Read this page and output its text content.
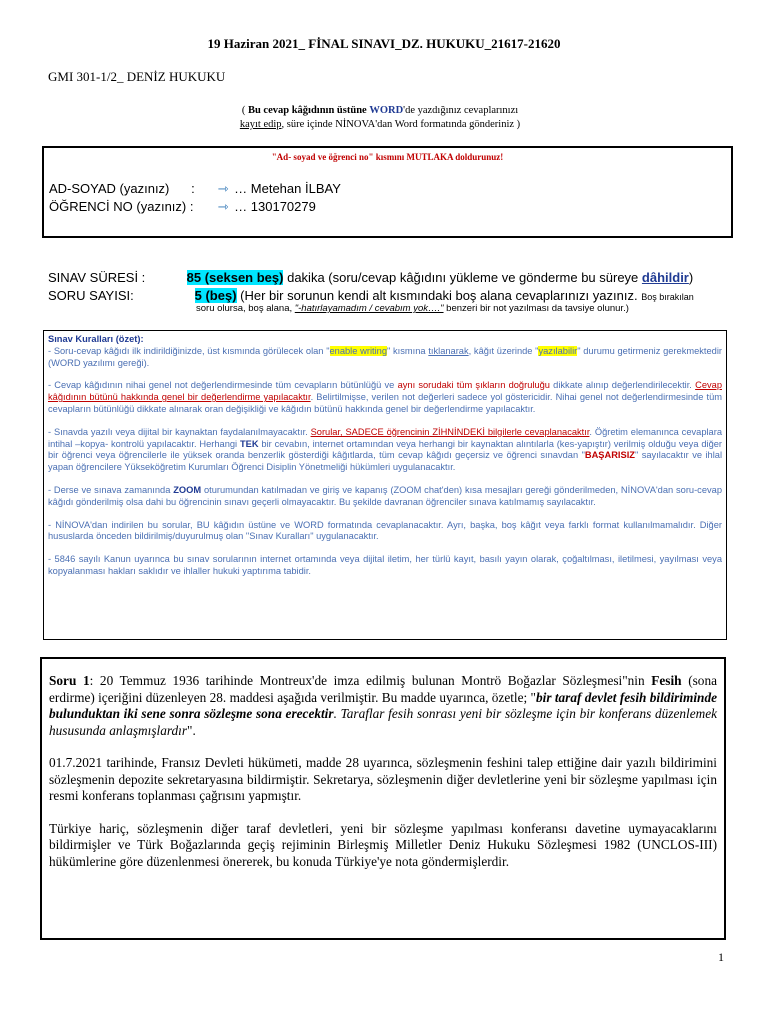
19 Haziran 2021_ FİNAL SINAVI_DZ. HUKUKU_21617-21620
GMI 301-1/2_ DENİZ HUKUKU
( Bu cevap kâğıdının üstüne WORD'de yazdığınız cevaplarınızı
kayıt edip, süre içinde NİNOVA'dan Word formatında gönderiniz )
"Ad- soyad ve öğrenci no" kısmını MUTLAKA doldurunuz!
AD-SOYAD (yazınız) : ⇾ … Metehan İLBAY
ÖĞRENCİ NO (yazınız) : ⇾ … 130170279
SINAV SÜRESİ :	85 (seksen beş) dakika (soru/cevap kâğıdını yükleme ve gönderme bu süreye dâhildir)
SORU SAYISI:	5 (beş) (Her bir sorunun kendi alt kısmındaki boş alana cevaplarınızı yazınız. Boş bırakılan
soru olursa, boş alana, "-hatırlayamadım / cevabım yok…." benzeri bir not yazılması da tavsiye olunur.)
Sınav Kuralları (özet):

- Soru-cevap kâğıdı ilk indirildiğinizde, üst kısmında görülecek olan "enable writing" kısmına tıklanarak, kâğıt üzerinde "yazılabilir" durumu getirmeniz gerekmektedir (WORD yazılımı gereği).

- Cevap kâğıdının nihai genel not değerlendirmesinde tüm cevapların bütünlüğü ve aynı sorudaki tüm şıkların doğruluğu dikkate alınıp değerlendirilecektir. Cevap kâğıdının bütünü hakkında genel bir değerlendirme yapılacaktır. Belirtilmişse, verilen not değerleri sadece yol göstericidir. Nihai genel not değerlendirmesinde tüm cevapların bütünlüğü dikkate alınarak oran değişikliği ve kâğıdın bütünü hakkında genel bir değerlendirme yapılacaktır.

- Sınavda yazılı veya dijital bir kaynaktan faydalanılmayacaktır. Sorular, SADECE öğrencinin ZİHNİNDEKİ bilgilerle cevaplanacaktır. Öğretim elemanınca cevaplara intihal –kopya- kontrolü yapılacaktır. Herhangi TEK bir cevabın, internet ortamından veya herhangi bir kaynaktan alıntılarla (kes-yapıştır) verilmiş olduğu veya diğer bir öğrenci veya öğrencilerle ile yüksek oranda benzerlik gösterdiği kâğıtlarda, tüm cevap kâğıdı geçersiz ve öğrenci sınavdan "BAŞARISIZ" sayılacaktır ve ihlal yapan öğrencilere Yükseköğretim Kurumları Öğrenci Disiplin Yönetmeliği hükümleri uygulanacaktır.

- Derse ve sınava zamanında ZOOM oturumundan katılmadan ve giriş ve kapanış (ZOOM chat'den) kısa mesajları gereği gönderilmeden, NİNOVA'dan soru-cevap kâğıdı gönderilmiş olsa dahi bu öğrencinin sınavı geçerli olmayacaktır. Bu şekilde davranan öğrenciler sınava katılmamış sayılacaktır.

- NİNOVA'dan indirilen bu sorular, BU kâğıdın üstüne ve WORD formatında cevaplanacaktır. Ayrı, başka, boş kâğıt veya farklı format kullanılmamalıdır. Diğer hususlarda önceden bildirilmiş/duyurulmuş olan "Sınav Kuralları" uygulanacaktır.

- 5846 sayılı Kanun uyarınca bu sınav sorularının internet ortamında veya dijital iletim, her türlü kayıt, basılı yayın olarak, çoğaltılması, iletilmesi, yayılması veya kopyalanması hakları saklıdır ve ihlaller hukuki yaptırıma tabidir.

Soru 1: 20 Temmuz 1936 tarihinde Montreux'de imza edilmiş bulunan Montrö Boğazlar Sözleşmesi"nin Fesih (sona erdirme) içeriğini düzenleyen 28. maddesi aşağıda verilmiştir. Bu madde uyarınca, özetle; "bir taraf devlet fesih bildiriminde bulunduktan iki sene sonra sözleşme sona erecektir. Taraflar fesih sonrası yeni bir sözleşme için bir konferans düzenlemek hususunda anlaşmışlardır".

01.7.2021 tarihinde, Fransız Devleti hükümeti, madde 28 uyarınca, sözleşmenin feshini talep ettiğine dair yazılı bildirimini sözleşmenin depozite sekretaryasına bildirmiştir. Sekretarya, sözleşmenin diğer devletlerine yeni bir sözleşme yapılması için resmi konferans toplanması çağrısını yapmıştır.

Türkiye hariç, sözleşmenin diğer taraf devletleri, yeni bir sözleşme yapılması konferansı davetine uymayacaklarını bildirmişler ve Türk Boğazlarında geçiş rejiminin Birleşmiş Milletler Deniz Hukuku Sözleşmesi 1982 (UNCLOS-III) hükümlerine göre düzenlenmesi önererek, bu konuda Türkiye'ye nota göndermişlerdir.

1
